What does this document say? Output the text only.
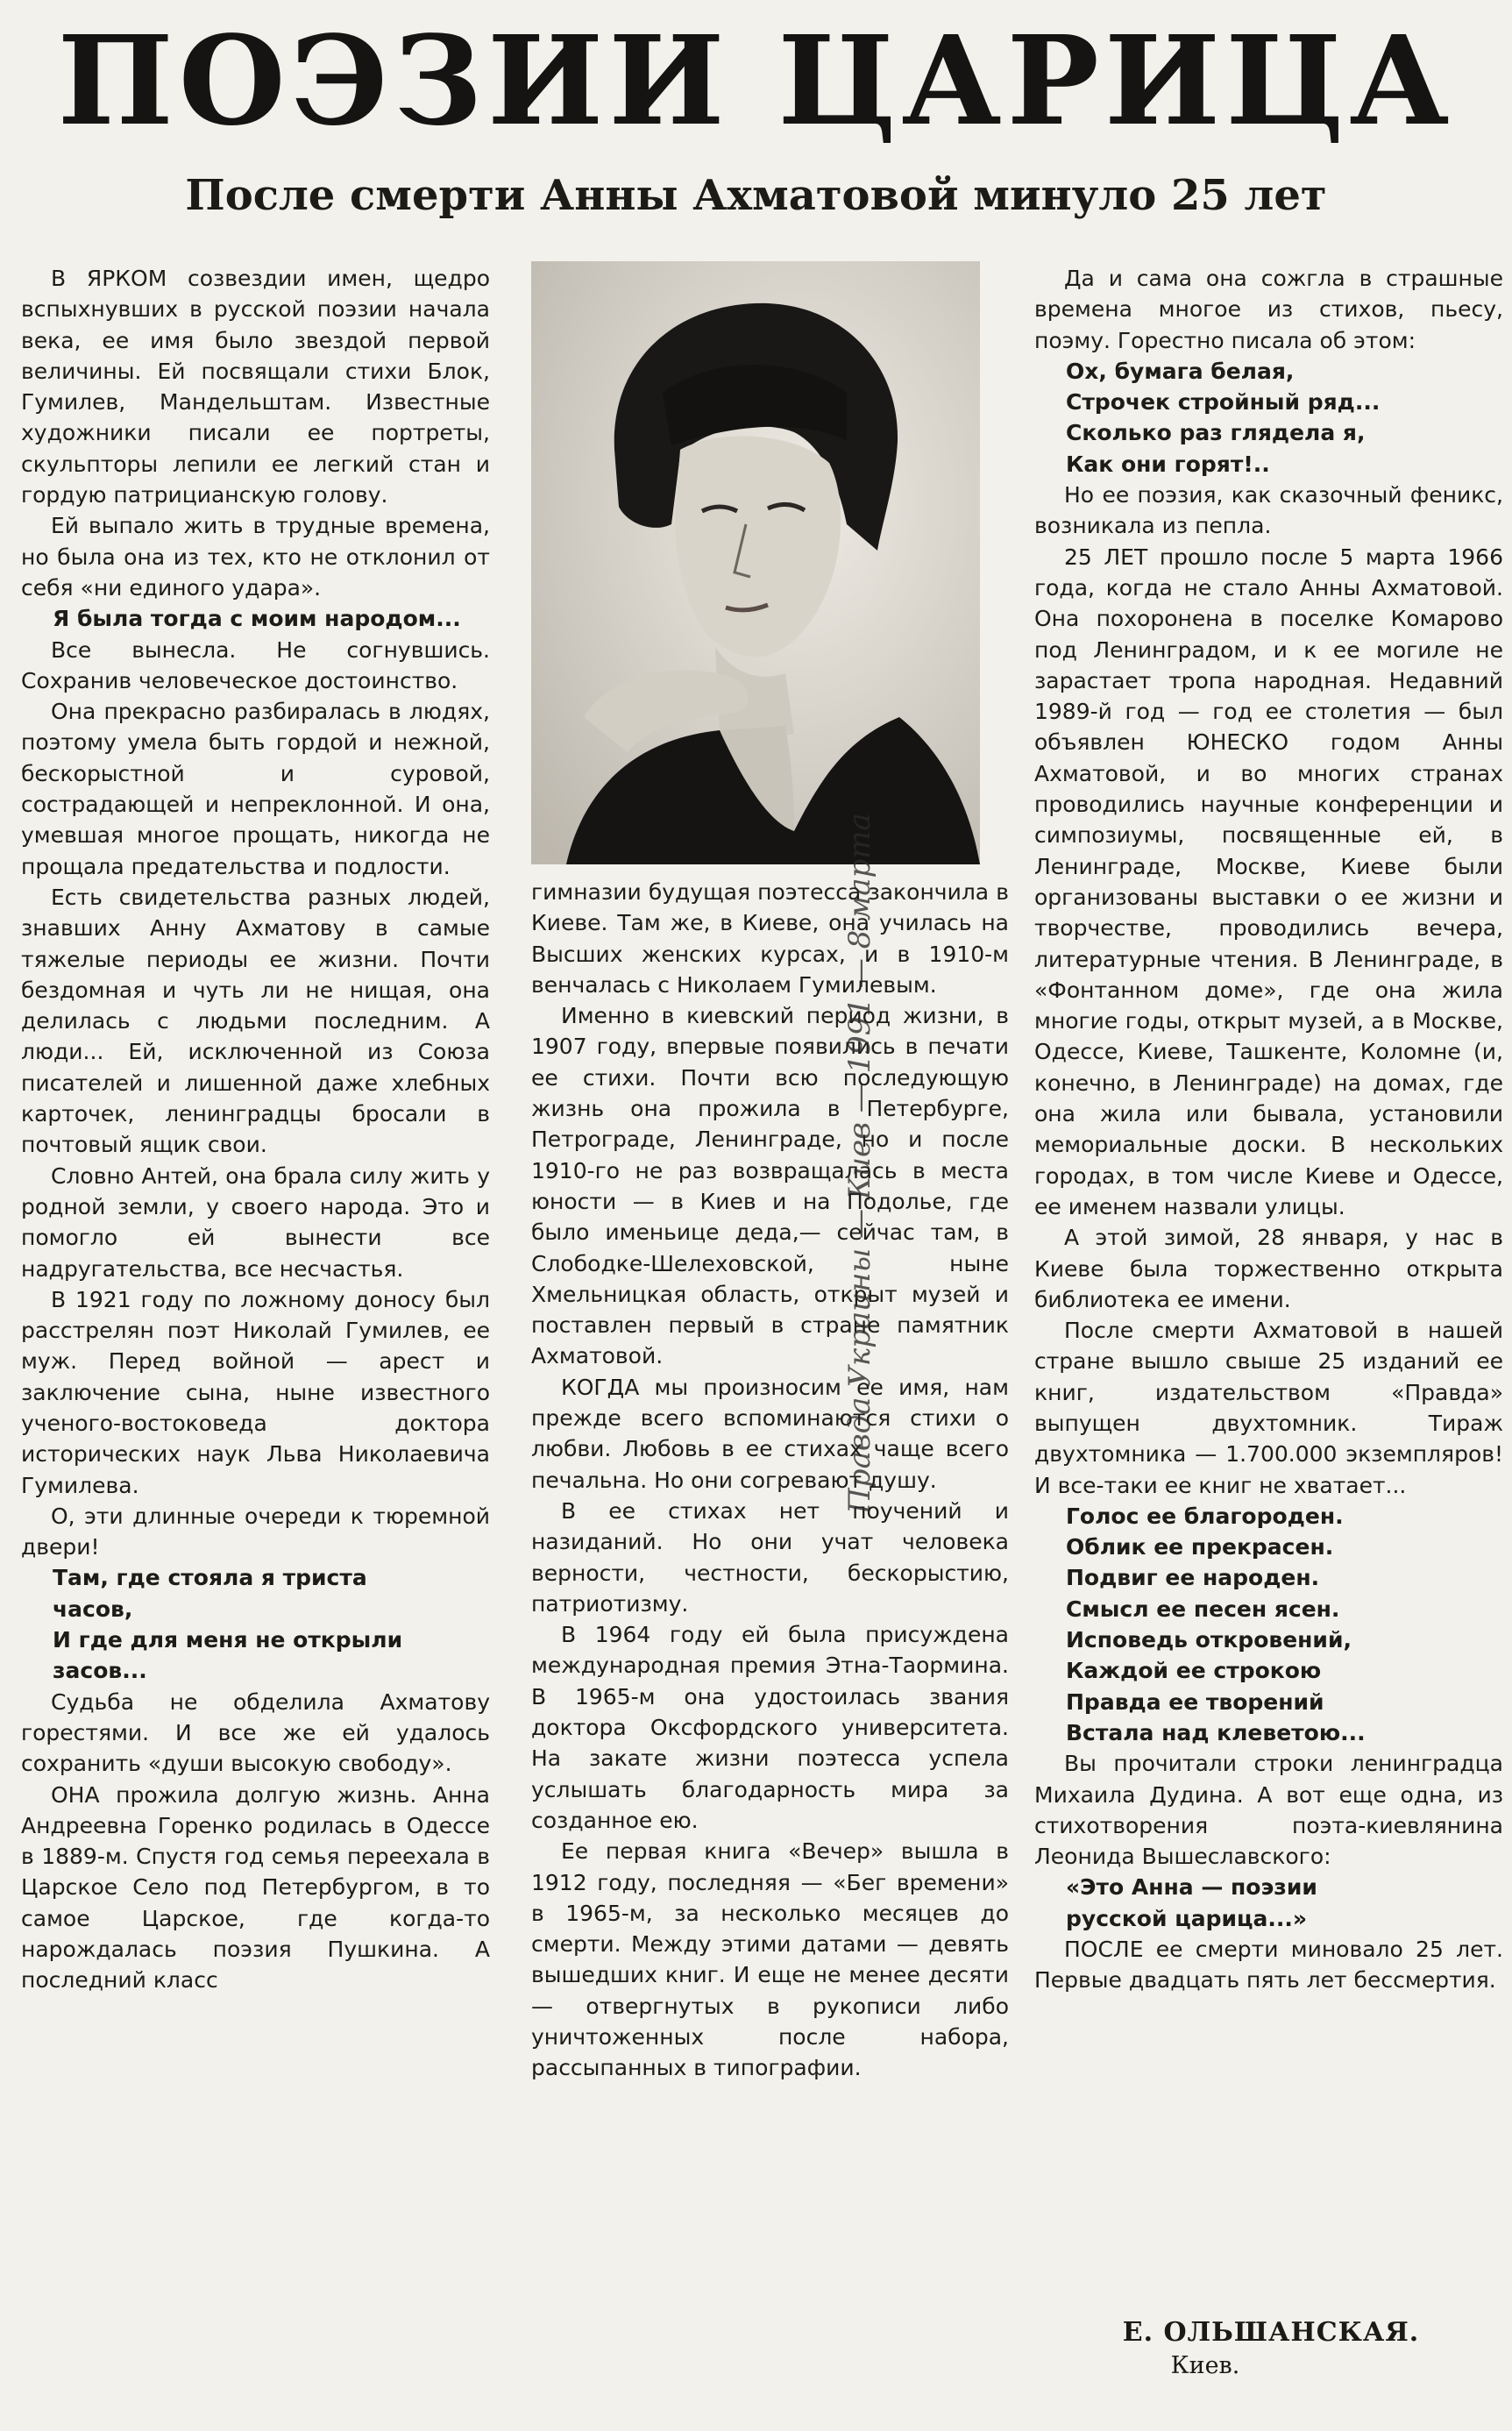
ПОЭЗИИ ЦАРИЦА
После смерти Анны Ахматовой минуло 25 лет

В ЯРКОМ созвездии имен, щедро вспыхнувших в русской поэзии начала века, ее имя было звездой первой величины. Ей посвящали стихи Блок, Гумилев, Мандельштам. Известные художники писали ее портреты, скульпторы лепили ее легкий стан и гордую патрицианскую голову.

Ей выпало жить в трудные времена, но была она из тех, кто не отклонил от себя «ни единого удара».

Я была тогда с моим народом...

Все вынесла. Не согнувшись. Сохранив человеческое достоинство.

Она прекрасно разбиралась в людях, поэтому умела быть гордой и нежной, бескорыстной и суровой, сострадающей и непреклонной. И она, умевшая многое прощать, никогда не прощала предательства и подлости.

Есть свидетельства разных людей, знавших Анну Ахматову в самые тяжелые периоды ее жизни. Почти бездомная и чуть ли не нищая, она делилась с людьми последним. А люди... Ей, исключенной из Союза писателей и лишенной даже хлебных карточек, ленинградцы бросали в почтовый ящик свои.

Словно Антей, она брала силу жить у родной земли, у своего народа. Это и помогло ей вынести все надругательства, все несчастья.

В 1921 году по ложному доносу был расстрелян поэт Николай Гумилев, ее муж. Перед войной — арест и заключение сына, ныне известного ученого-востоковеда доктора исторических наук Льва Николаевича Гумилева.

О, эти длинные очереди к тюремной двери!

Там, где стояла я триста
часов,
И где для меня не открыли
засов...

Судьба не обделила Ахматову горестями. И все же ей удалось сохранить «души высокую свободу».

ОНА прожила долгую жизнь. Анна Андреевна Горенко родилась в Одессе в 1889-м. Спустя год семья переехала в Царское Село под Петербургом, в то самое Царское, где когда-то нарождалась поэзия Пушкина. А последний класс

гимназии будущая поэтесса закончила в Киеве. Там же, в Киеве, она училась на Высших женских курсах, и в 1910-м венчалась с Николаем Гумилевым.

Именно в киевский период жизни, в 1907 году, впервые появились в печати ее стихи. Почти всю последующую жизнь она прожила в Петербурге, Петрограде, Ленинграде, но и после 1910-го не раз возвращалась в места юности — в Киев и на Подолье, где было именьице деда,— сейчас там, в Слободке-Шелеховской, ныне Хмельницкая область, открыт музей и поставлен первый в стране памятник Ахматовой.

КОГДА мы произносим ее имя, нам прежде всего вспоминаются стихи о любви. Любовь в ее стихах чаще всего печальна. Но они согревают душу.

В ее стихах нет поучений и назиданий. Но они учат человека верности, честности, бескорыстию, патриотизму.

В 1964 году ей была присуждена международная премия Этна-Таормина. В 1965-м она удостоилась звания доктора Оксфордского университета. На закате жизни поэтесса успела услышать благодарность мира за созданное ею.

Ее первая книга «Вечер» вышла в 1912 году, последняя — «Бег времени» в 1965-м, за несколько месяцев до смерти. Между этими датами — девять вышедших книг. И еще не менее десяти — отвергнутых в рукописи либо уничтоженных после набора, рассыпанных в типографии.

Да и сама она сожгла в страшные времена многое из стихов, пьесу, поэму. Горестно писала об этом:

Ох, бумага белая,
Строчек стройный ряд...
Сколько раз глядела я,
Как они горят!..

Но ее поэзия, как сказочный феникс, возникала из пепла.

25 ЛЕТ прошло после 5 марта 1966 года, когда не стало Анны Ахматовой. Она похоронена в поселке Комарово под Ленинградом, и к ее могиле не зарастает тропа народная. Недавний 1989-й год — год ее столетия — был объявлен ЮНЕСКО годом Анны Ахматовой, и во многих странах проводились научные конференции и симпозиумы, посвященные ей, в Ленинграде, Москве, Киеве были организованы выставки о ее жизни и творчестве, проводились вечера, литературные чтения. В Ленинграде, в «Фонтанном доме», где она жила многие годы, открыт музей, а в Москве, Одессе, Киеве, Ташкенте, Коломне (и, конечно, в Ленинграде) на домах, где она жила или бывала, установили мемориальные доски. В нескольких городах, в том числе Киеве и Одессе, ее именем назвали улицы.

А этой зимой, 28 января, у нас в Киеве была торжественно открыта библиотека ее имени.

После смерти Ахматовой в нашей стране вышло свыше 25 изданий ее книг, издательством «Правда» выпущен двухтомник. Тираж двухтомника — 1.700.000 экземпляров! И все-таки ее книг не хватает...

Голос ее благороден.
Облик ее прекрасен.
Подвиг ее народен.
Смысл ее песен ясен.
Исповедь откровений,
Каждой ее строкою
Правда ее творений
Встала над клеветою...

Вы прочитали строки ленинградца Михаила Дудина. А вот еще одна, из стихотворения поэта-киевлянина Леонида Вышеславского:

«Это Анна — поэзии
русской царица...»

ПОСЛЕ ее смерти миновало 25 лет. Первые двадцать пять лет бессмертия.

Е. ОЛЬШАНСКАЯ.
Киев.
Правда Украины — Киев — 1991 — 8 марта
